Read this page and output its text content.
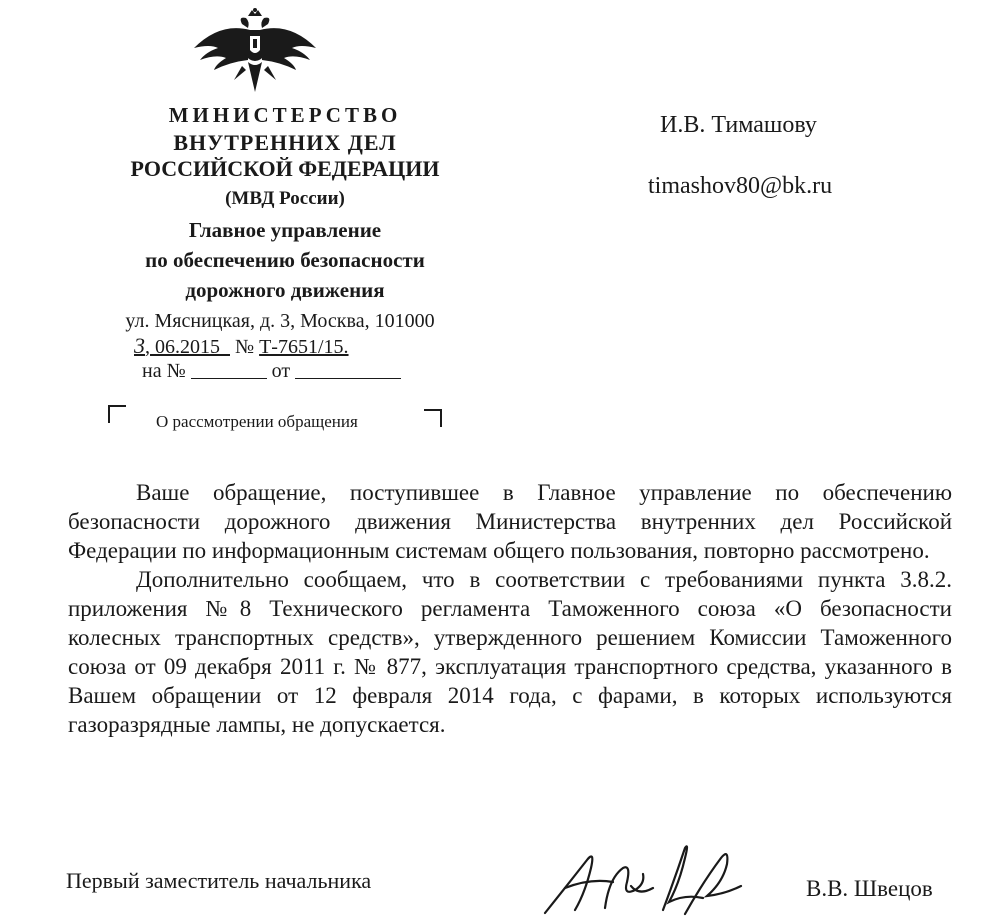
МИНИСТЕРСТВО
ВНУТРЕННИХ ДЕЛ
РОССИЙСКОЙ ФЕДЕРАЦИИ
(МВД России)
Главное управление
по обеспечению безопасности
дорожного движения
ул. Мясницкая, д. 3, Москва, 101000
3, 06.2015 № Т-7651/15.
на №	от
О рассмотрении обращения
И.В. Тимашову
timashov80@bk.ru

Ваше обращение, поступившее в Главное управление по обеспечению безопасности дорожного движения Министерства внутренних дел Российской Федерации по информационным системам общего пользования, повторно рассмотрено.

Дополнительно сообщаем, что в соответствии с требованиями пункта 3.8.2. приложения №8 Технического регламента Таможенного союза «О безопасности колесных транспортных средств», утвержденного решением Комиссии Таможенного союза от 09 декабря 2011 г. № 877, эксплуатация транспортного средства, указанного в Вашем обращении от 12 февраля 2014 года, с фарами, в которых используются газоразрядные лампы, не допускается.

Первый заместитель начальника	В.В. Швецов
